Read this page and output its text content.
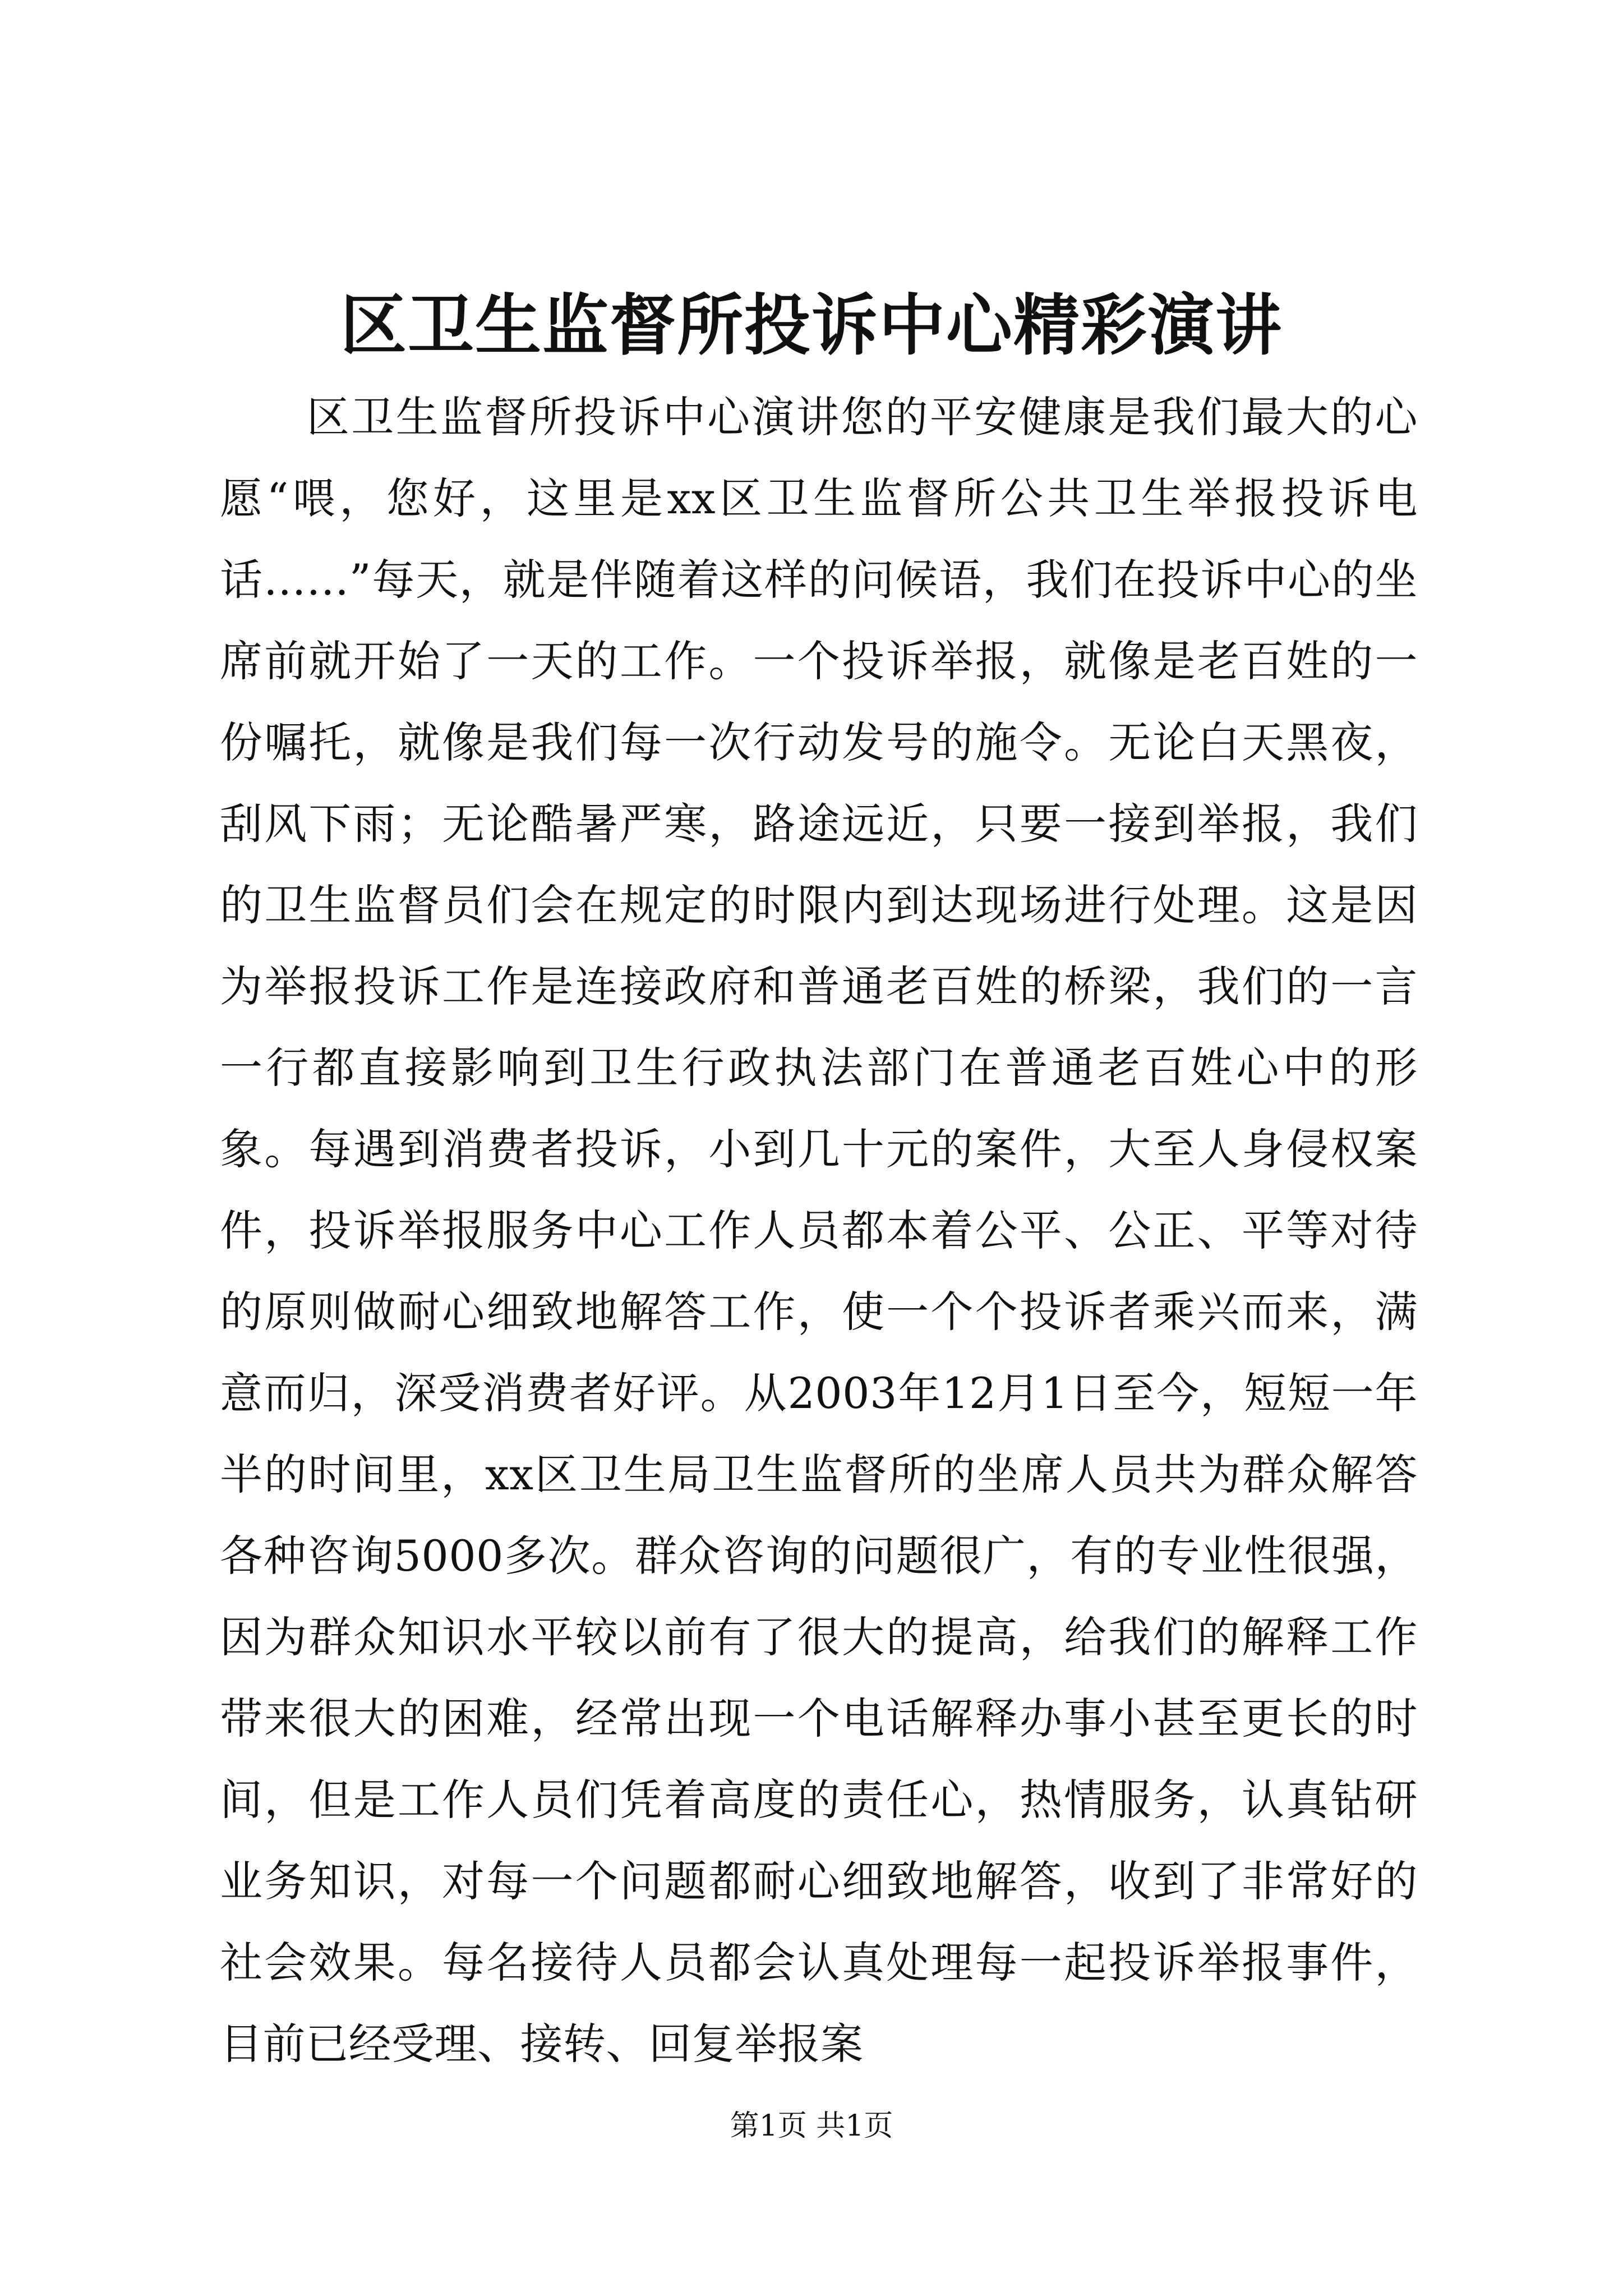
区卫生监督所投诉中心精彩演讲

区卫生监督所投诉中心演讲您的平安健康是我们最大的心愿“喂，您好，这里是xx区卫生监督所公共卫生举报投诉电话……”每天，就是伴随着这样的问候语，我们在投诉中心的坐席前就开始了一天的工作。一个投诉举报，就像是老百姓的一份嘱托，就像是我们每一次行动发号的施令。无论白天黑夜，刮风下雨；无论酷暑严寒，路途远近，只要一接到举报，我们的卫生监督员们会在规定的时限内到达现场进行处理。这是因为举报投诉工作是连接政府和普通老百姓的桥梁，我们的一言一行都直接影响到卫生行政执法部门在普通老百姓心中的形象。每遇到消费者投诉，小到几十元的案件，大至人身侵权案件，投诉举报服务中心工作人员都本着公平、公正、平等对待的原则做耐心细致地解答工作，使一个个投诉者乘兴而来，满意而归，深受消费者好评。从2003年12月1日至今，短短一年半的时间里，xx区卫生局卫生监督所的坐席人员共为群众解答各种咨询5000多次。群众咨询的问题很广，有的专业性很强，因为群众知识水平较以前有了很大的提高，给我们的解释工作带来很大的困难，经常出现一个电话解释办事小甚至更长的时间，但是工作人员们凭着高度的责任心，热情服务，认真钻研业务知识，对每一个问题都耐心细致地解答，收到了非常好的社会效果。每名接待人员都会认真处理每一起投诉举报事件，目前已经受理、接转、回复举报案

第1页 共1页
